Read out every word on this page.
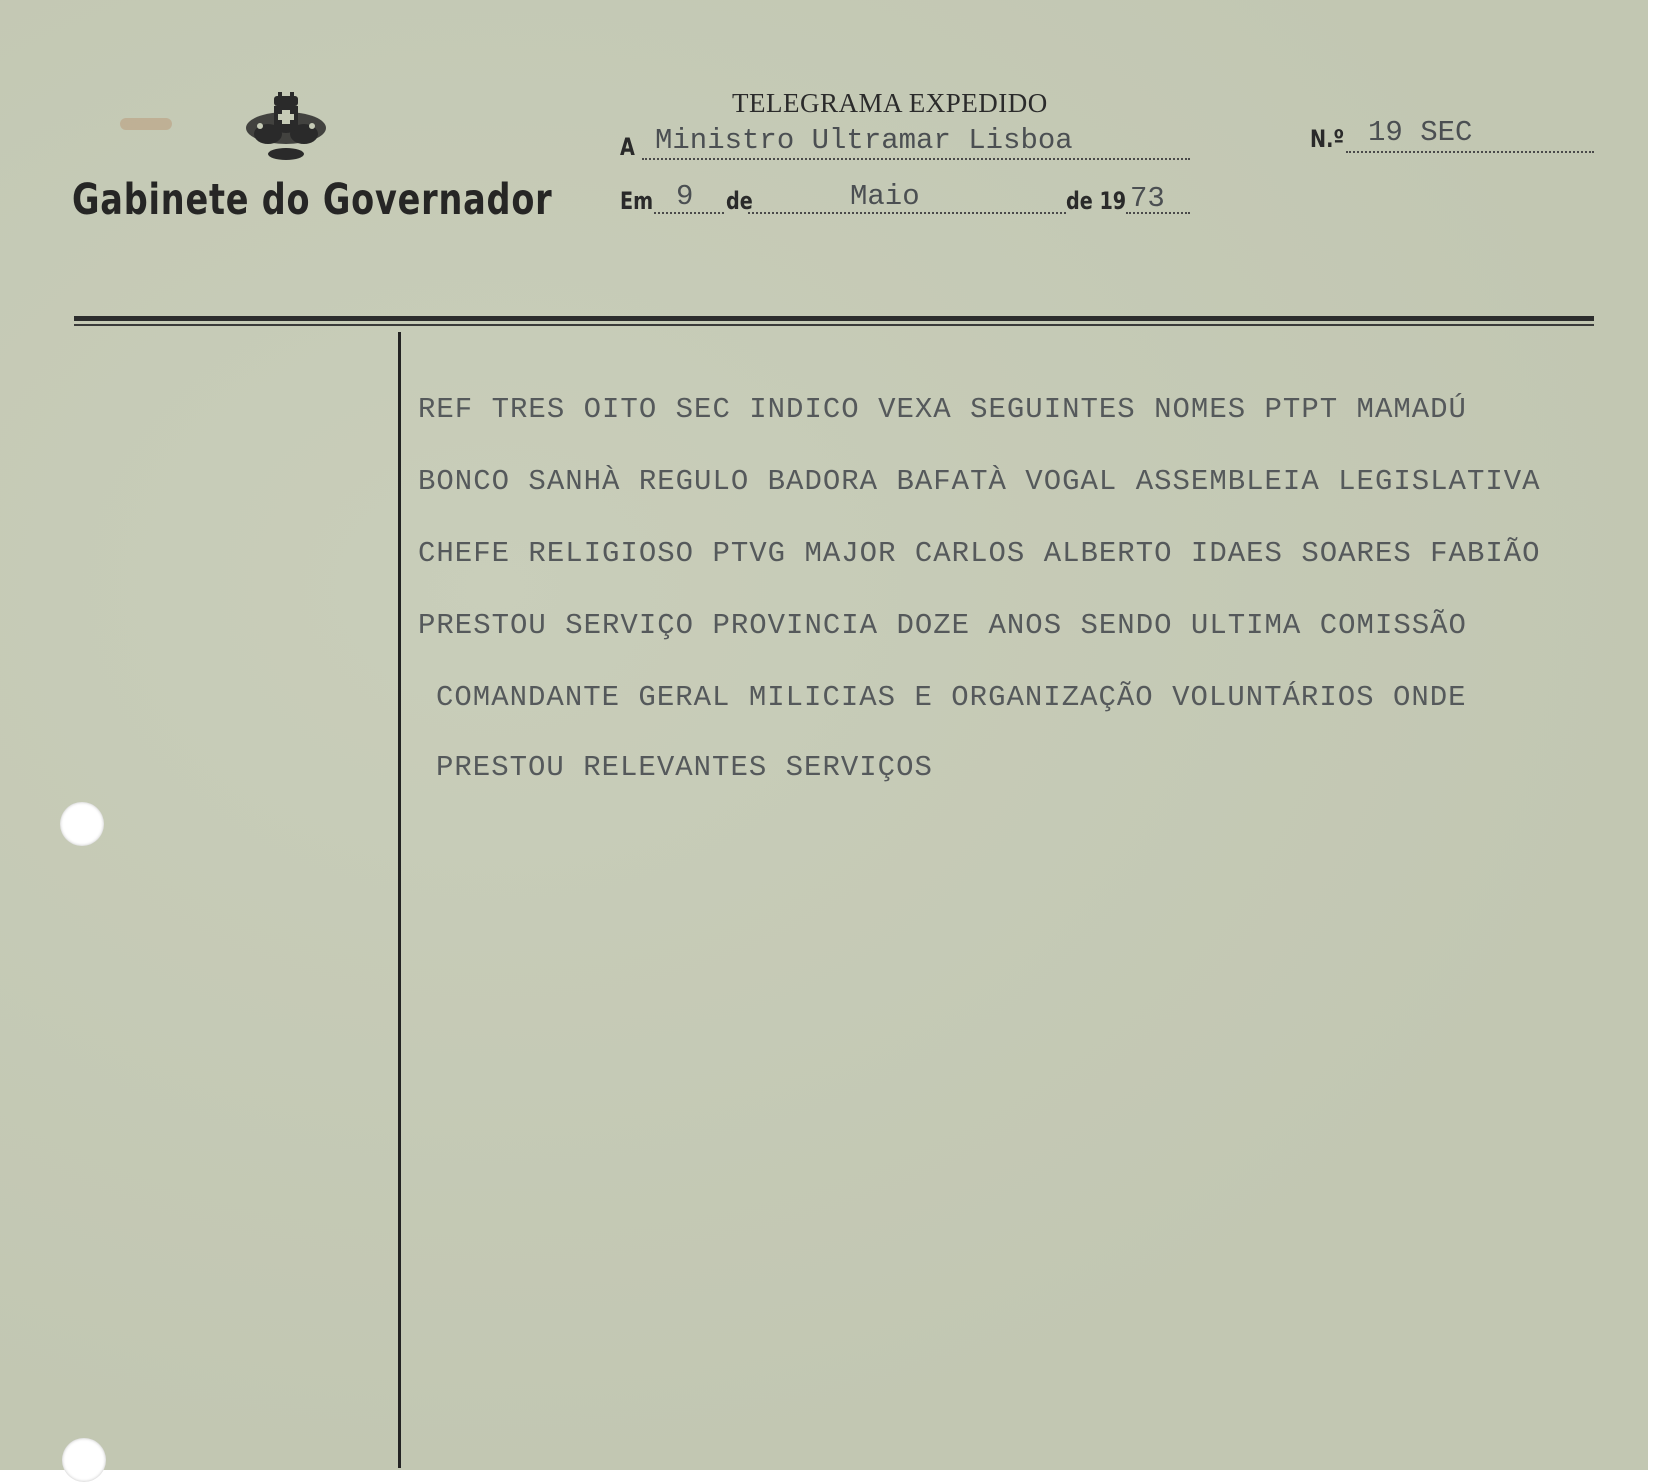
Gabinete do Governador
TELEGRAMA EXPEDIDO
A Ministro Ultramar Lisboa	N.º 19 SEC
Em 9 de	Maio	de 19 73
REF TRES OITO SEC INDICO VEXA SEGUINTES NOMES PTPT MAMADÚ
BONCO SANHÀ REGULO BADORA BAFATÀ VOGAL ASSEMBLEIA LEGISLATIVA
CHEFE RELIGIOSO PTVG MAJOR CARLOS ALBERTO IDAES SOARES FABIÃO
PRESTOU SERVIÇO PROVINCIA DOZE ANOS SENDO ULTIMA COMISSÃO
COMANDANTE GERAL MILICIAS E ORGANIZAÇÃO VOLUNTÁRIOS ONDE
PRESTOU RELEVANTES SERVIÇOS
